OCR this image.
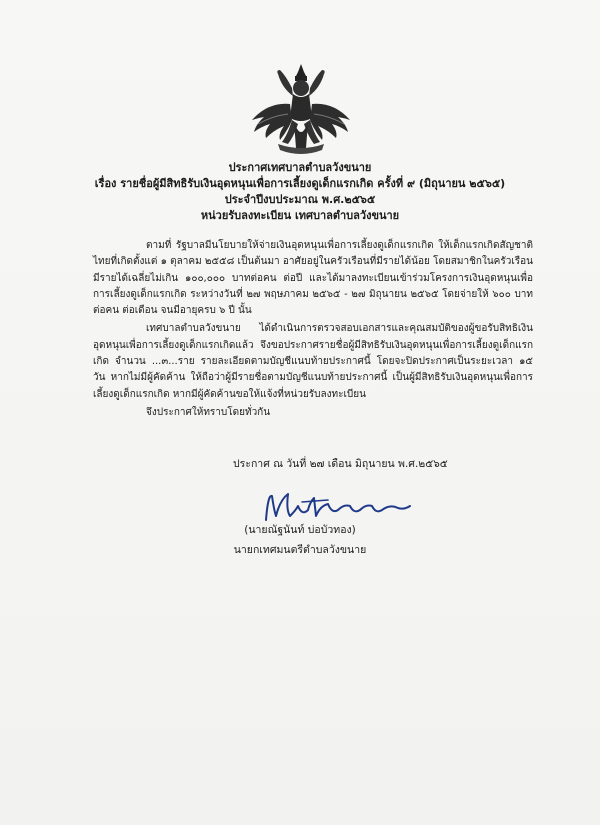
ประกาศเทศบาลตำบลวังขนาย
เรื่อง รายชื่อผู้มีสิทธิรับเงินอุดหนุนเพื่อการเลี้ยงดูเด็กแรกเกิด ครั้งที่ ๙ (มิถุนายน ๒๕๖๕)
ประจำปีงบประมาณ พ.ศ.๒๕๖๕
หน่วยรับลงทะเบียน เทศบาลตำบลวังขนาย

ตามที่ รัฐบาลมีนโยบายให้จ่ายเงินอุดหนุนเพื่อการเลี้ยงดูเด็กแรกเกิด ให้เด็กแรกเกิดสัญชาติไทยที่เกิดตั้งแต่ ๑ ตุลาคม ๒๕๕๘ เป็นต้นมา อาศัยอยู่ในครัวเรือนที่มีรายได้น้อย โดยสมาชิกในครัวเรือนมีรายได้เฉลี่ยไม่เกิน ๑๐๐,๐๐๐ บาทต่อคน ต่อปี และได้มาลงทะเบียนเข้าร่วมโครงการเงินอุดหนุนเพื่อการเลี้ยงดูเด็กแรกเกิด ระหว่างวันที่ ๒๗ พฤษภาคม ๒๕๖๕ - ๒๗ มิถุนายน ๒๕๖๕ โดยจ่ายให้ ๖๐๐ บาท ต่อคน ต่อเดือน จนมีอายุครบ ๖ ปี นั้น

เทศบาลตำบลวังขนาย ได้ดำเนินการตรวจสอบเอกสารและคุณสมบัติของผู้ขอรับสิทธิเงินอุดหนุนเพื่อการเลี้ยงดูเด็กแรกเกิดแล้ว จึงขอประกาศรายชื่อผู้มีสิทธิรับเงินอุดหนุนเพื่อการเลี้ยงดูเด็กแรกเกิด จำนวน ...๓...ราย รายละเอียดตามบัญชีแนบท้ายประกาศนี้ โดยจะปิดประกาศเป็นระยะเวลา ๑๕ วัน หากไม่มีผู้คัดค้าน ให้ถือว่าผู้มีรายชื่อตามบัญชีแนบท้ายประกาศนี้ เป็นผู้มีสิทธิรับเงินอุดหนุนเพื่อการเลี้ยงดูเด็กแรกเกิด หากมีผู้คัดค้านขอให้แจ้งที่หน่วยรับลงทะเบียน

จึงประกาศให้ทราบโดยทั่วกัน

ประกาศ ณ วันที่ ๒๗ เดือน มิถุนายน พ.ศ.๒๕๖๕
(นายณัฐนันท์ บ่อบัวทอง)
นายกเทศมนตรีตำบลวังขนาย
